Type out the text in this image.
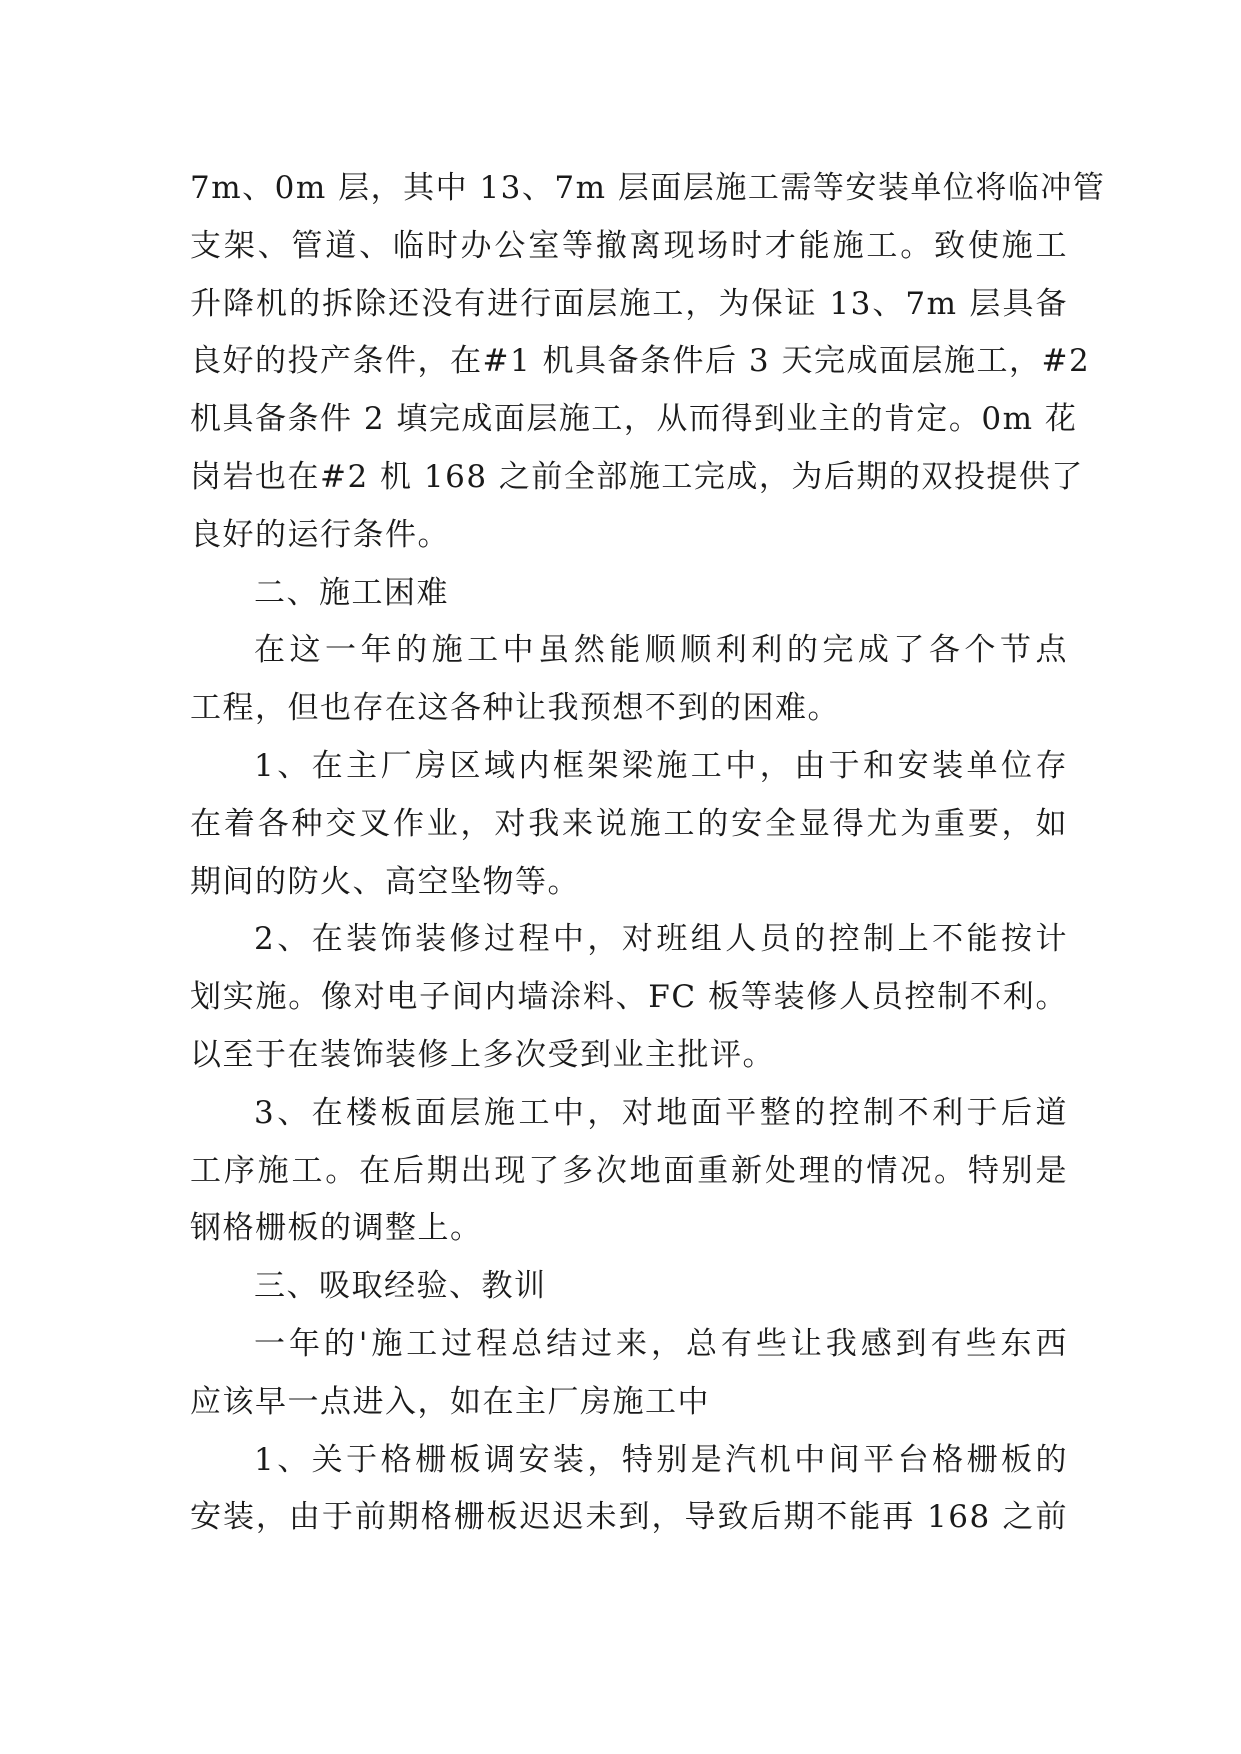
7m、0m 层，其中 13、7m 层面层施工需等安装单位将临冲管
支架、管道、临时办公室等撤离现场时才能施工。致使施工
升降机的拆除还没有进行面层施工，为保证 13、7m 层具备
良好的投产条件，在#1 机具备条件后 3 天完成面层施工，#2
机具备条件 2 填完成面层施工，从而得到业主的肯定。0m 花
岗岩也在#2 机 168 之前全部施工完成，为后期的双投提供了
良好的运行条件。
二、施工困难
在这一年的施工中虽然能顺顺利利的完成了各个节点
工程，但也存在这各种让我预想不到的困难。
1、在主厂房区域内框架梁施工中，由于和安装单位存
在着各种交叉作业，对我来说施工的安全显得尤为重要，如
期间的防火、高空坠物等。
2、在装饰装修过程中，对班组人员的控制上不能按计
划实施。像对电子间内墙涂料、FC 板等装修人员控制不利。
以至于在装饰装修上多次受到业主批评。
3、在楼板面层施工中，对地面平整的控制不利于后道
工序施工。在后期出现了多次地面重新处理的情况。特别是
钢格栅板的调整上。
三、吸取经验、教训
一年的'施工过程总结过来，总有些让我感到有些东西
应该早一点进入，如在主厂房施工中
1、关于格栅板调安装，特别是汽机中间平台格栅板的
安装，由于前期格栅板迟迟未到，导致后期不能再 168 之前
